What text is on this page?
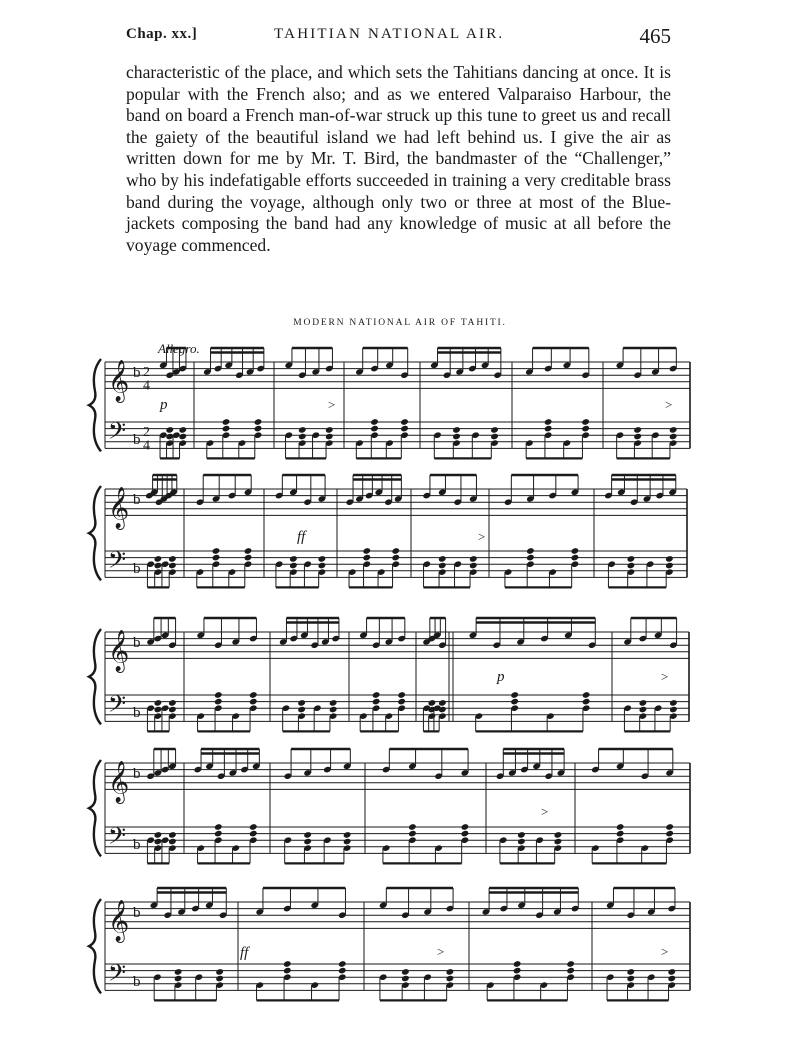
Chap. xx.]	TAHITIAN NATIONAL AIR.	465

characteristic of the place, and which sets the Tahitians dancing at once. It is popular with the French also; and as we entered Valparaiso Harbour, the band on board a French man-of-war struck up this tune to greet us and recall the gaiety of the beautiful island we had left behind us. I give the air as written down for me by Mr. T. Bird, the bandmaster of the “Challenger,” who by his indefatigable efforts succeeded in training a very creditable brass band during the voyage, although only two or three at most of the Blue-jackets composing the band had any knowledge of music at all before the voyage commenced.

MODERN NATIONAL AIR OF TAHITI.
𝄞
𝄢
b
b
2
4
2
4
Allegro.
p	>	>
𝄞
𝄢
b
b
ff	>
𝄞
𝄢
b
b
p	>
𝄞
𝄢
b
b
>
𝄞
𝄢
b
b
ff	>	>
